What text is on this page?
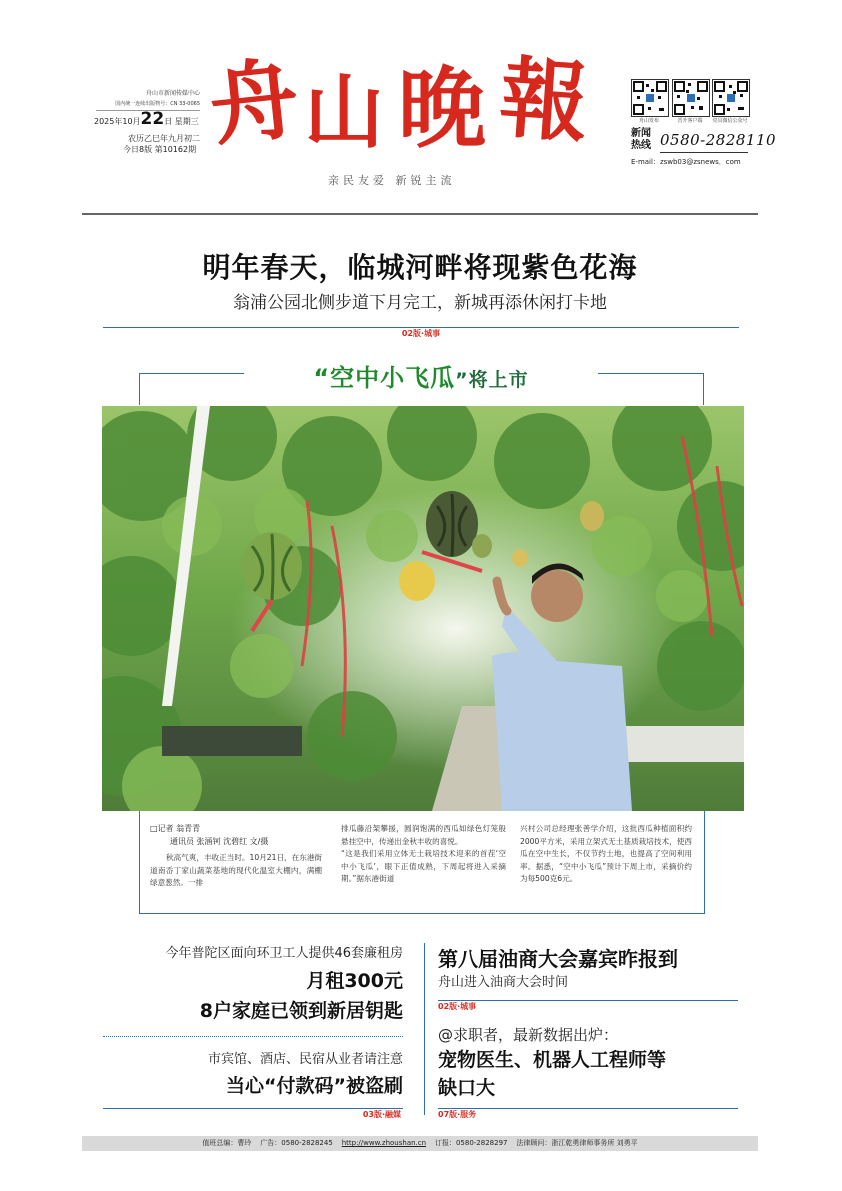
舟山市新闻传媒中心
国内统一连续出版物号：CN 33-0065
2025年10月22日 星期三
农历乙巳年九月初二
今日8版 第10162期 舟 山 晚 報
亲民友爱 新锐主流
舟山发布	晋升客户端	党员微信公众号
新闻
热线 0580-2828110
E-mail：zswb03@zsnews．com
明年春天，临城河畔将现紫色花海
翁浦公园北侧步道下月完工，新城再添休闲打卡地
02版·城事
“空中小飞瓜”将上市
□记者 翁青青
通讯员 张涵钶 沈碧红 文/摄
秋高气爽，丰收正当时。10月21日，在东港街道南岙丁家山蔬菜基地的现代化温室大棚内，满棚绿意葱然。一排
排瓜藤沿架攀援，圆润饱满的西瓜如绿色灯笼般悬挂空中，传递出金秋丰收的喜悦。
“这是我们采用立体无土栽培技术迎来的首茬‘空中小飞瓜’，眼下正值成熟，下周起将进入采摘期。”据东港街道
兴村公司总经理张善学介绍，这批西瓜种植面积约2000平方米，采用立架式无土基质栽培技术，使西瓜在空中生长，不仅节约土地，也提高了空间利用率。据悉，“空中小飞瓜”预计下周上市，采摘价约为每500克6元。
今年普陀区面向环卫工人提供46套廉租房
月租300元
8户家庭已领到新居钥匙
市宾馆、酒店、民宿从业者请注意
当心“付款码”被盗刷
03版·融媒
第八届油商大会嘉宾昨报到
舟山进入油商大会时间
02版·城事
@求职者，最新数据出炉：
宠物医生、机器人工程师等
缺口大
07版·服务
值班总编：曹玲 广告：0580-2828245 http://www.zhoushan.cn 订报：0580-2828297 法律顾问：浙江乾勇律师事务所 刘勇平
